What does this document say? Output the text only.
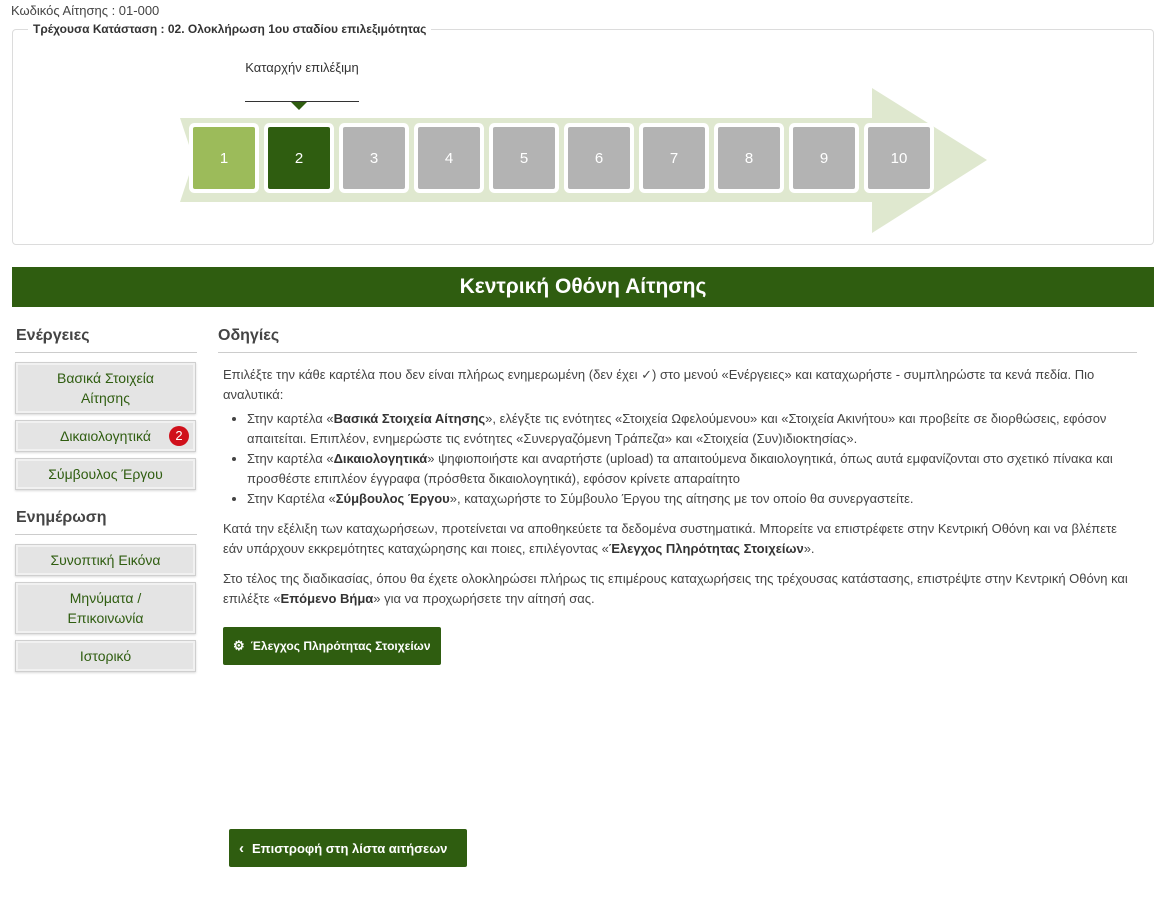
Κωδικός Αίτησης : 01-000
Τρέχουσα Κατάσταση : 02. Ολοκλήρωση 1ου σταδίου επιλεξιμότητας
Καταρχήν επιλέξιμη
1	2	3	4	5	6	7	8	9	10
Κεντρική Οθόνη Αίτησης
Ενέργειες
Βασικά Στοιχεία Αίτησης
Δικαιολογητικά	2
Σύμβουλος Έργου
Ενημέρωση
Συνοπτική Εικόνα
Μηνύματα / Επικοινωνία
Ιστορικό
Οδηγίες

Επιλέξτε την κάθε καρτέλα που δεν είναι πλήρως ενημερωμένη (δεν έχει ✓) στο μενού «Ενέργειες» και καταχωρήστε - συμπληρώστε τα κενά πεδία. Πιο αναλυτικά:

• Στην καρτέλα «Βασικά Στοιχεία Αίτησης», ελέγξτε τις ενότητες «Στοιχεία Ωφελούμενου» και «Στοιχεία Ακινήτου» και προβείτε σε διορθώσεις, εφόσον απαιτείται. Επιπλέον, ενημερώστε τις ενότητες «Συνεργαζόμενη Τράπεζα» και «Στοιχεία (Συν)ιδιοκτησίας».
• Στην καρτέλα «Δικαιολογητικά» ψηφιοποιήστε και αναρτήστε (upload) τα απαιτούμενα δικαιολογητικά, όπως αυτά εμφανίζονται στο σχετικό πίνακα και προσθέστε επιπλέον έγγραφα (πρόσθετα δικαιολογητικά), εφόσον κρίνετε απαραίτητο
• Στην Καρτέλα «Σύμβουλος Έργου», καταχωρήστε το Σύμβουλο Έργου της αίτησης με τον οποίο θα συνεργαστείτε.

Κατά την εξέλιξη των καταχωρήσεων, προτείνεται να αποθηκεύετε τα δεδομένα συστηματικά. Μπορείτε να επιστρέφετε στην Κεντρική Οθόνη και να βλέπετε εάν υπάρχουν εκκρεμότητες καταχώρησης και ποιες, επιλέγοντας «Έλεγχος Πληρότητας Στοιχείων».

Στο τέλος της διαδικασίας, όπου θα έχετε ολοκληρώσει πλήρως τις επιμέρους καταχωρήσεις της τρέχουσας κατάστασης, επιστρέψτε στην Κεντρική Οθόνη και επιλέξτε «Επόμενο Βήμα» για να προχωρήσετε την αίτησή σας.

⚙ Έλεγχος Πληρότητας Στοιχείων
‹ Επιστροφή στη λίστα αιτήσεων
